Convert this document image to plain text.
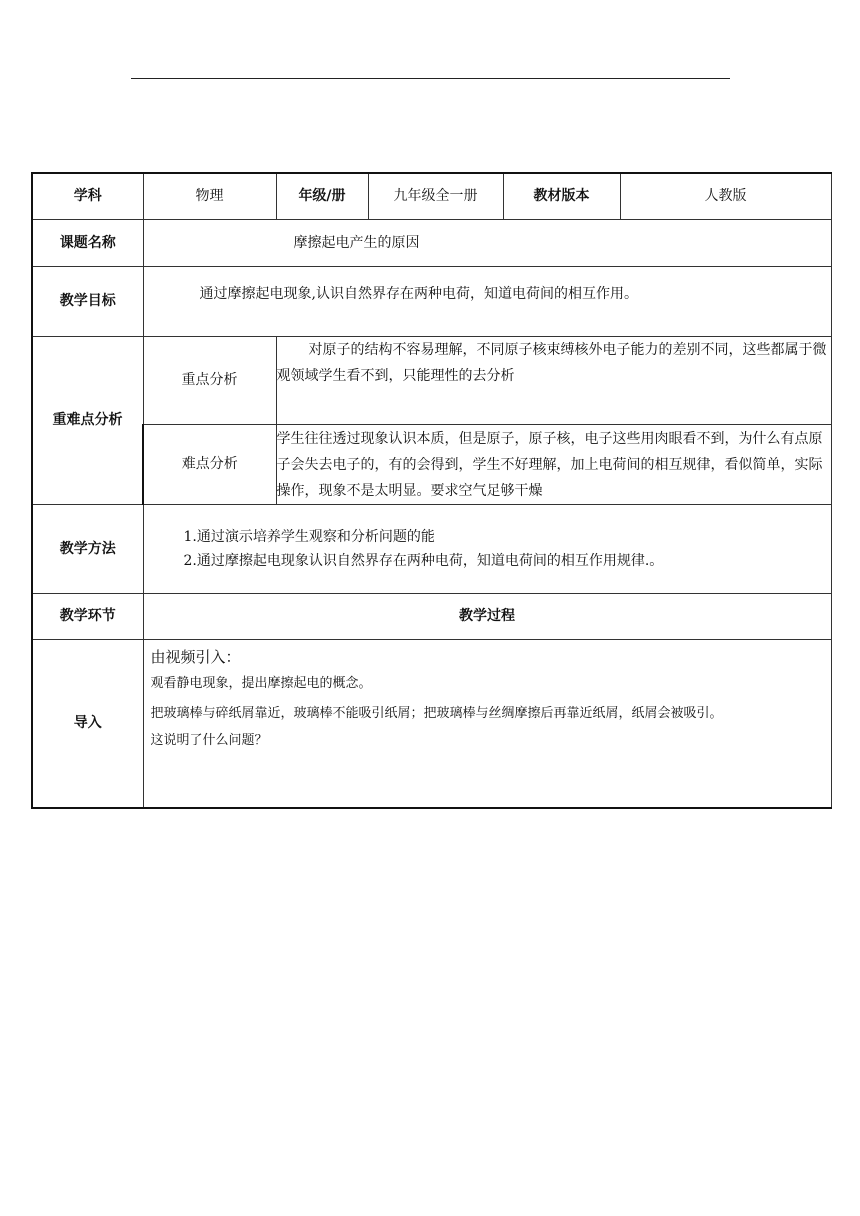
学科	物理	年级/册	九年级全一册	教材版本	人教版
课题名称	摩擦起电产生的原因				
教学目标	通过摩擦起电现象,认识自然界存在两种电荷，知道电荷间的相互作用。				
重难点分析	重点分析	对原子的结构不容易理解，不同原子核束缚核外电子能力的差别不同，这些都属于微观领域学生看不到，只能理性的去分析			
	难点分析	学生往往透过现象认识本质，但是原子，原子核，电子这些用肉眼看不到，为什么有点原子会失去电子的，有的会得到，学生不好理解，加上电荷间的相互规律，看似简单，实际操作，现象不是太明显。要求空气足够干燥			
教学方法	1.通过演示培养学生观察和分析问题的能
2.通过摩擦起电现象认识自然界存在两种电荷，知道电荷间的相互作用规律.。				

教学环节	教学过程				
导入	由视频引入：
观看静电现象，提出摩擦起电的概念。
把玻璃棒与碎纸屑靠近，玻璃棒不能吸引纸屑；把玻璃棒与丝绸摩擦后再靠近纸屑，纸屑会被吸引。
这说明了什么问题？				
